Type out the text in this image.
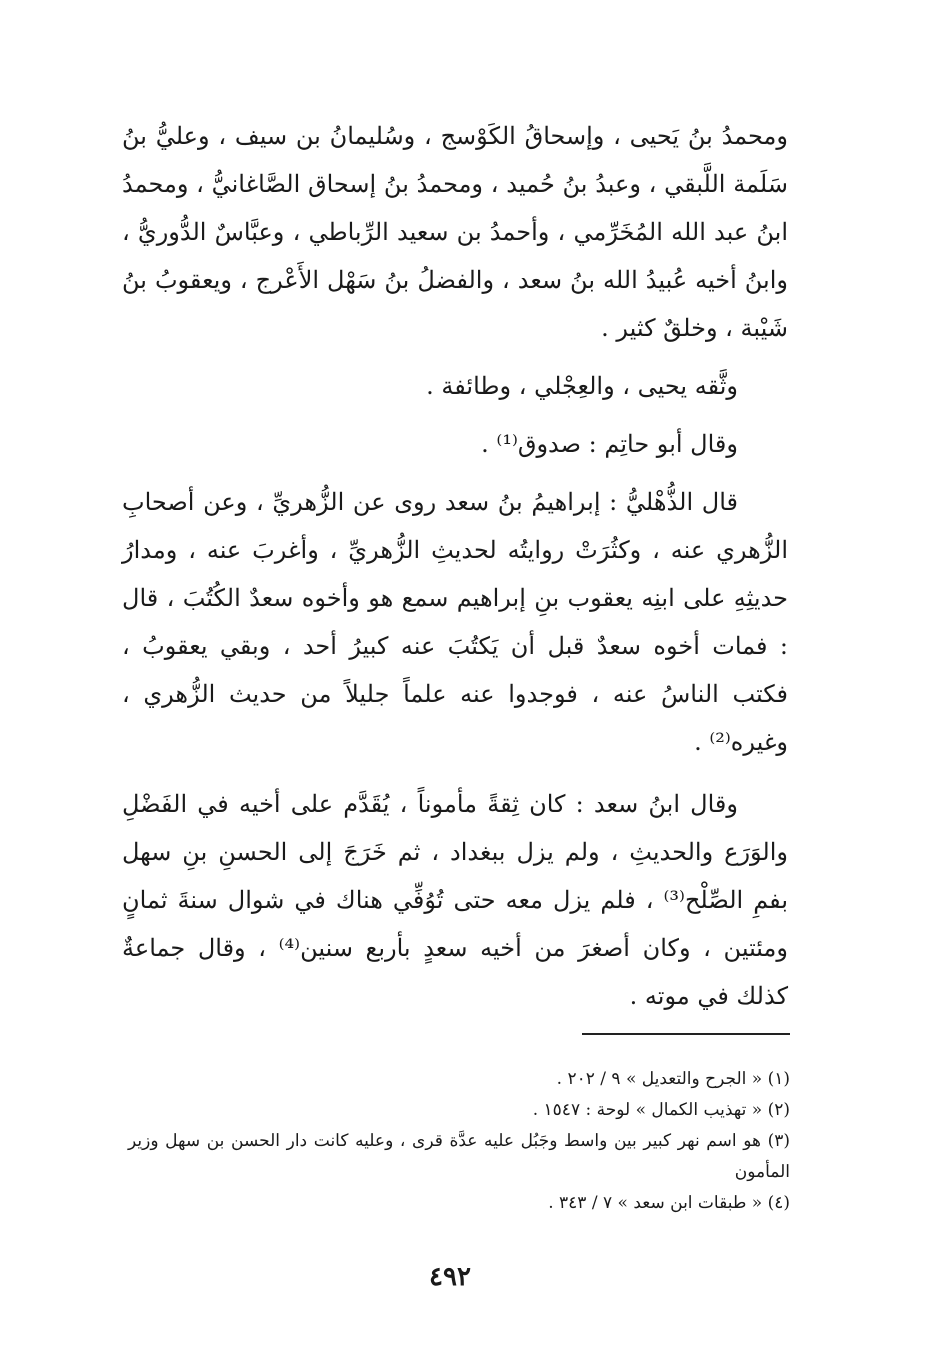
ومحمدُ بنُ يَحيى ، وإسحاقُ الكَوْسج ، وسُليمانُ بن سيف ، وعليُّ بنُ سَلَمة اللَّبقي ، وعبدُ بنُ حُميد ، ومحمدُ بنُ إسحاق الصَّاغانيُّ ، ومحمدُ ابنُ عبد الله المُخَرِّمي ، وأحمدُ بن سعيد الرِّباطي ، وعبَّاسٌ الدُّوريُّ ، وابنُ أخيه عُبيدُ الله بنُ سعد ، والفضلُ بنُ سَهْل الأَعْرج ، ويعقوبُ بنُ شَيْبة ، وخلقٌ كثير .

وثَّقه يحيى ، والعِجْلي ، وطائفة .

وقال أبو حاتِم : صدوق⁽¹⁾ .

قال الذُّهْليُّ : إبراهيمُ بنُ سعد روى عن الزُّهريِّ ، وعن أصحابِ الزُّهري عنه ، وكثُرَتْ روايتُه لحديثِ الزُّهريِّ ، وأغربَ عنه ، ومدارُ حديثِهِ على ابنِه يعقوب بنِ إبراهيم سمع هو وأخوه سعدٌ الكُتُبَ ، قال : فمات أخوه سعدٌ قبل أن يَكتُبَ عنه كبيرُ أحد ، وبقي يعقوبُ ، فكتب الناسُ عنه ، فوجدوا عنه علماً جليلاً من حديث الزُّهري ، وغيره⁽²⁾ .

وقال ابنُ سعد : كان ثِقةً مأموناً ، يُقَدَّم على أخيه في الفَضْلِ والوَرَع والحديثِ ، ولم يزل ببغداد ، ثم خَرَجَ إلى الحسنِ بنِ سهل بفمِ الصِّلْح⁽³⁾ ، فلم يزل معه حتى تُوُفِّي هناك في شوال سنةَ ثمانٍ ومئتين ، وكان أصغرَ من أخيه سعدٍ بأربع سنين⁽⁴⁾ ، وقال جماعةٌ كذلك في موته .

(١) « الجرح والتعديل » ٩ / ٢٠٢ .

(٢) « تهذيب الكمال » لوحة : ١٥٤٧ .

(٣) هو اسم نهر كبير بين واسط وجَبُل عليه عدَّة قرى ، وعليه كانت دار الحسن بن سهل وزير المأمون

(٤) « طبقات ابن سعد » ٧ / ٣٤٣ .

٤٩٢
